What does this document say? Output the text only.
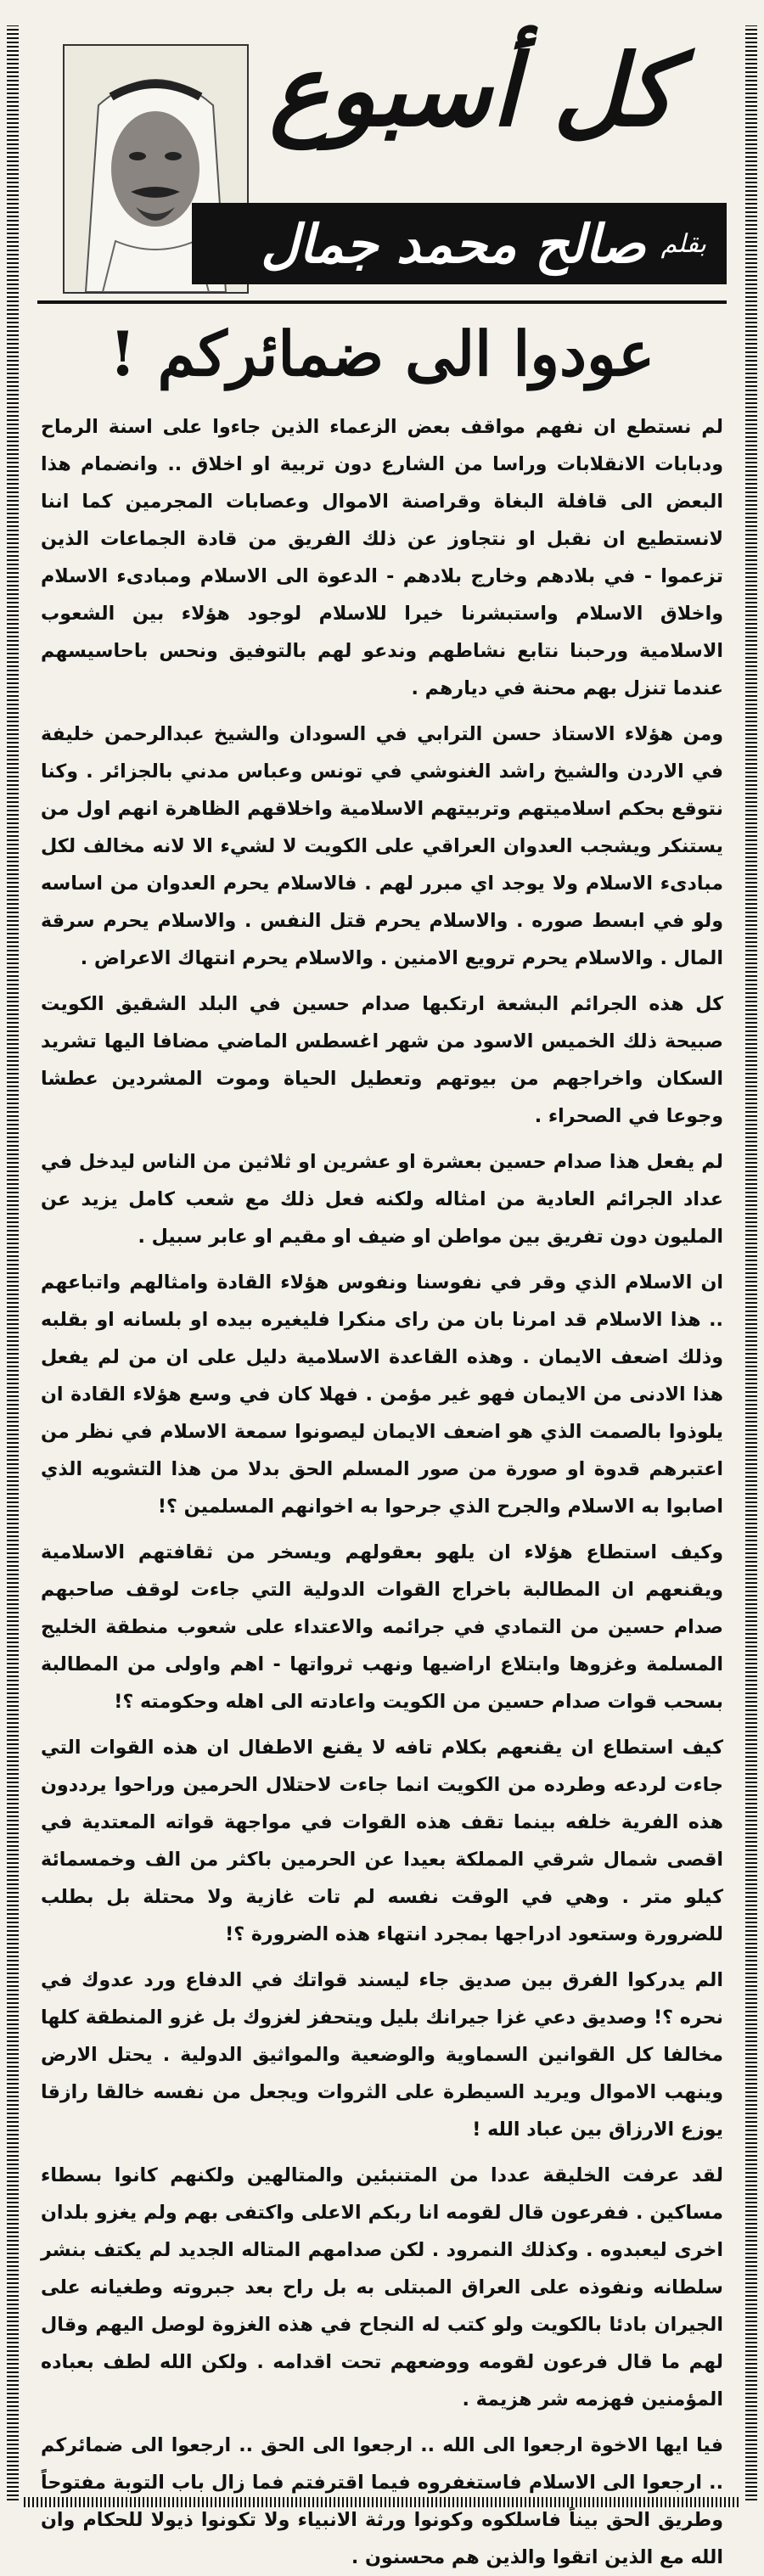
كل أسبوع
بقلم
صالح محمد جمال
عودوا الى ضمائركم !

لم نستطع ان نفهم مواقف بعض الزعماء الذين جاءوا على اسنة الرماح ودبابات الانقلابات وراسا من الشارع دون تربية او اخلاق .. وانضمام هذا البعض الى قافلة البغاة وقراصنة الاموال وعصابات المجرمين كما اننا لانستطيع ان نقبل او نتجاوز عن ذلك الفريق من قادة الجماعات الذين تزعموا - في بلادهم وخارج بلادهم - الدعوة الى الاسلام ومبادىء الاسلام واخلاق الاسلام واستبشرنا خيرا للاسلام لوجود هؤلاء بين الشعوب الاسلامية ورحبنا نتابع نشاطهم وندعو لهم بالتوفيق ونحس باحاسيسهم عندما تنزل بهم محنة في ديارهم .

ومن هؤلاء الاستاذ حسن الترابي في السودان والشيخ عبدالرحمن خليفة في الاردن والشيخ راشد الغنوشي في تونس وعباس مدني بالجزائر . وكنا نتوقع بحكم اسلاميتهم وتربيتهم الاسلامية واخلاقهم الظاهرة انهم اول من يستنكر ويشجب العدوان العراقي على الكويت لا لشيء الا لانه مخالف لكل مبادىء الاسلام ولا يوجد اي مبرر لهم . فالاسلام يحرم العدوان من اساسه ولو في ابسط صوره . والاسلام يحرم قتل النفس . والاسلام يحرم سرقة المال . والاسلام يحرم ترويع الامنين . والاسلام يحرم انتهاك الاعراض .

كل هذه الجرائم البشعة ارتكبها صدام حسين في البلد الشقيق الكويت صبيحة ذلك الخميس الاسود من شهر اغسطس الماضي مضافا اليها تشريد السكان واخراجهم من بيوتهم وتعطيل الحياة وموت المشردين عطشا وجوعا في الصحراء .

لم يفعل هذا صدام حسين بعشرة او عشرين او ثلاثين من الناس ليدخل في عداد الجرائم العادية من امثاله ولكنه فعل ذلك مع شعب كامل يزيد عن المليون دون تفريق بين مواطن او ضيف او مقيم او عابر سبيل .

ان الاسلام الذي وقر في نفوسنا ونفوس هؤلاء القادة وامثالهم واتباعهم .. هذا الاسلام قد امرنا بان من راى منكرا فليغيره بيده او بلسانه او بقلبه وذلك اضعف الايمان . وهذه القاعدة الاسلامية دليل على ان من لم يفعل هذا الادنى من الايمان فهو غير مؤمن . فهلا كان في وسع هؤلاء القادة ان يلوذوا بالصمت الذي هو اضعف الايمان ليصونوا سمعة الاسلام في نظر من اعتبرهم قدوة او صورة من صور المسلم الحق بدلا من هذا التشويه الذي اصابوا به الاسلام والجرح الذي جرحوا به اخوانهم المسلمين ؟!

وكيف استطاع هؤلاء ان يلهو بعقولهم ويسخر من ثقافتهم الاسلامية ويقنعهم ان المطالبة باخراج القوات الدولية التي جاءت لوقف صاحبهم صدام حسين من التمادي في جرائمه والاعتداء على شعوب منطقة الخليج المسلمة وغزوها وابتلاع اراضيها ونهب ثرواتها - اهم واولى من المطالبة بسحب قوات صدام حسين من الكويت واعادته الى اهله وحكومته ؟!

كيف استطاع ان يقنعهم بكلام تافه لا يقنع الاطفال ان هذه القوات التي جاءت لردعه وطرده من الكويت انما جاءت لاحتلال الحرمين وراحوا يرددون هذه الفرية خلفه بينما تقف هذه القوات في مواجهة قواته المعتدية في اقصى شمال شرقي المملكة بعيدا عن الحرمين باكثر من الف وخمسمائة كيلو متر . وهي في الوقت نفسه لم تات غازية ولا محتلة بل بطلب للضرورة وستعود ادراجها بمجرد انتهاء هذه الضرورة ؟!

الم يدركوا الفرق بين صديق جاء ليسند قواتك في الدفاع ورد عدوك في نحره ؟! وصديق دعي غزا جيرانك بليل ويتحفز لغزوك بل غزو المنطقة كلها مخالفا كل القوانين السماوية والوضعية والمواثيق الدولية . يحتل الارض وينهب الاموال ويريد السيطرة على الثروات ويجعل من نفسه خالقا رازقا يوزع الارزاق بين عباد الله !

لقد عرفت الخليقة عددا من المتنبئين والمتالهين ولكنهم كانوا بسطاء مساكين . ففرعون قال لقومه انا ربكم الاعلى واكتفى بهم ولم يغزو بلدان اخرى ليعبدوه . وكذلك النمرود . لكن صدامهم المتاله الجديد لم يكتف بنشر سلطانه ونفوذه على العراق المبتلى به بل راح بعد جبروته وطغيانه على الجيران بادئا بالكويت ولو كتب له النجاح في هذه الغزوة لوصل اليهم وقال لهم ما قال فرعون لقومه ووضعهم تحت اقدامه . ولكن الله لطف بعباده المؤمنين فهزمه شر هزيمة .

فيا ايها الاخوة ارجعوا الى الله .. ارجعوا الى الحق .. ارجعوا الى ضمائركم .. ارجعوا الى الاسلام فاستغفروه فيما اقترفتم فما زال باب التوبة مفتوحاً وطريق الحق بيناً فاسلكوه وكونوا ورثة الانبياء ولا تكونوا ذيولا للحكام وان الله مع الذين اتقوا والذين هم محسنون .
